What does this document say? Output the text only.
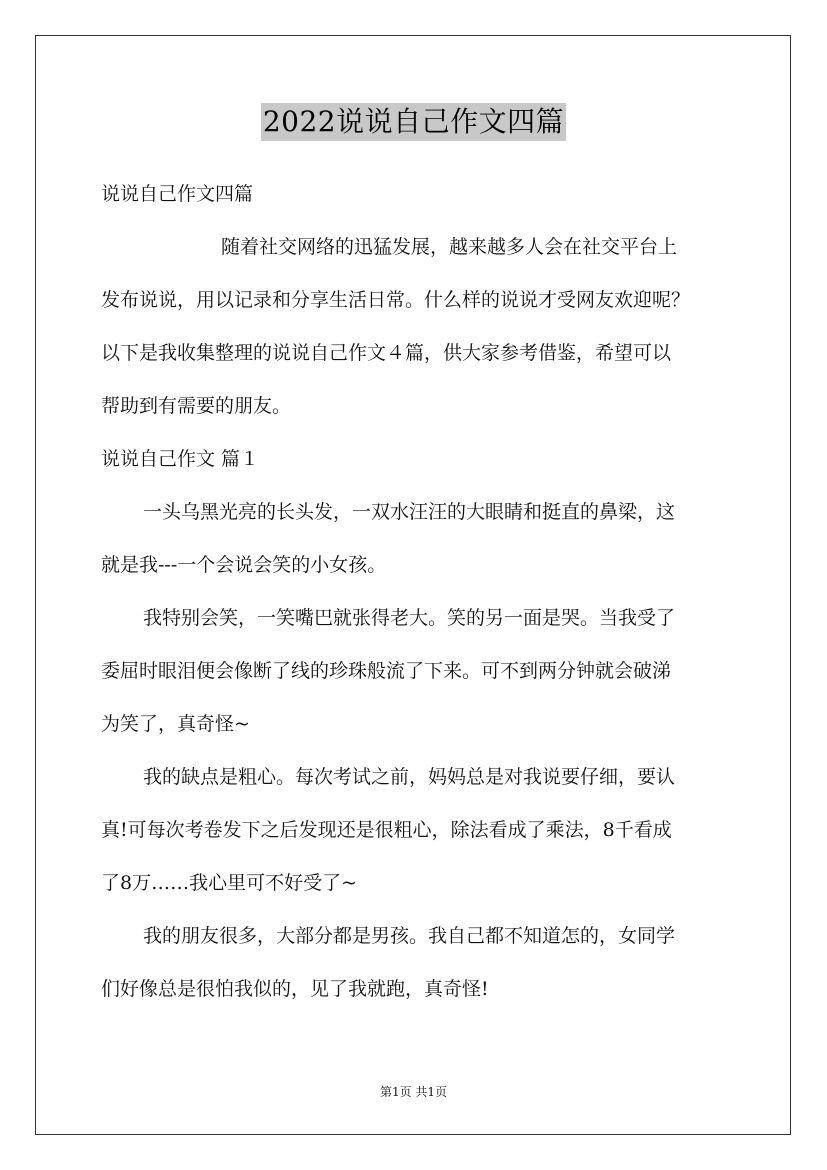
2022说说自己作文四篇

说说自己作文四篇

随着社交网络的迅猛发展，越来越多人会在社交平台上

发布说说，用以记录和分享生活日常。什么样的说说才受网友欢迎呢？

以下是我收集整理的说说自己作文４篇，供大家参考借鉴，希望可以

帮助到有需要的朋友。

说说自己作文 篇１

一头乌黑光亮的长头发，一双水汪汪的大眼睛和挺直的鼻梁，这

就是我---一个会说会笑的小女孩。

我特别会笑，一笑嘴巴就张得老大。笑的另一面是哭。当我受了

委屈时眼泪便会像断了线的珍珠般流了下来。可不到两分钟就会破涕

为笑了，真奇怪~

我的缺点是粗心。每次考试之前，妈妈总是对我说要仔细，要认

真!可每次考卷发下之后发现还是很粗心，除法看成了乘法，8千看成

了8万……我心里可不好受了~

我的朋友很多，大部分都是男孩。我自己都不知道怎的，女同学

们好像总是很怕我似的，见了我就跑，真奇怪!

第1页 共1页
